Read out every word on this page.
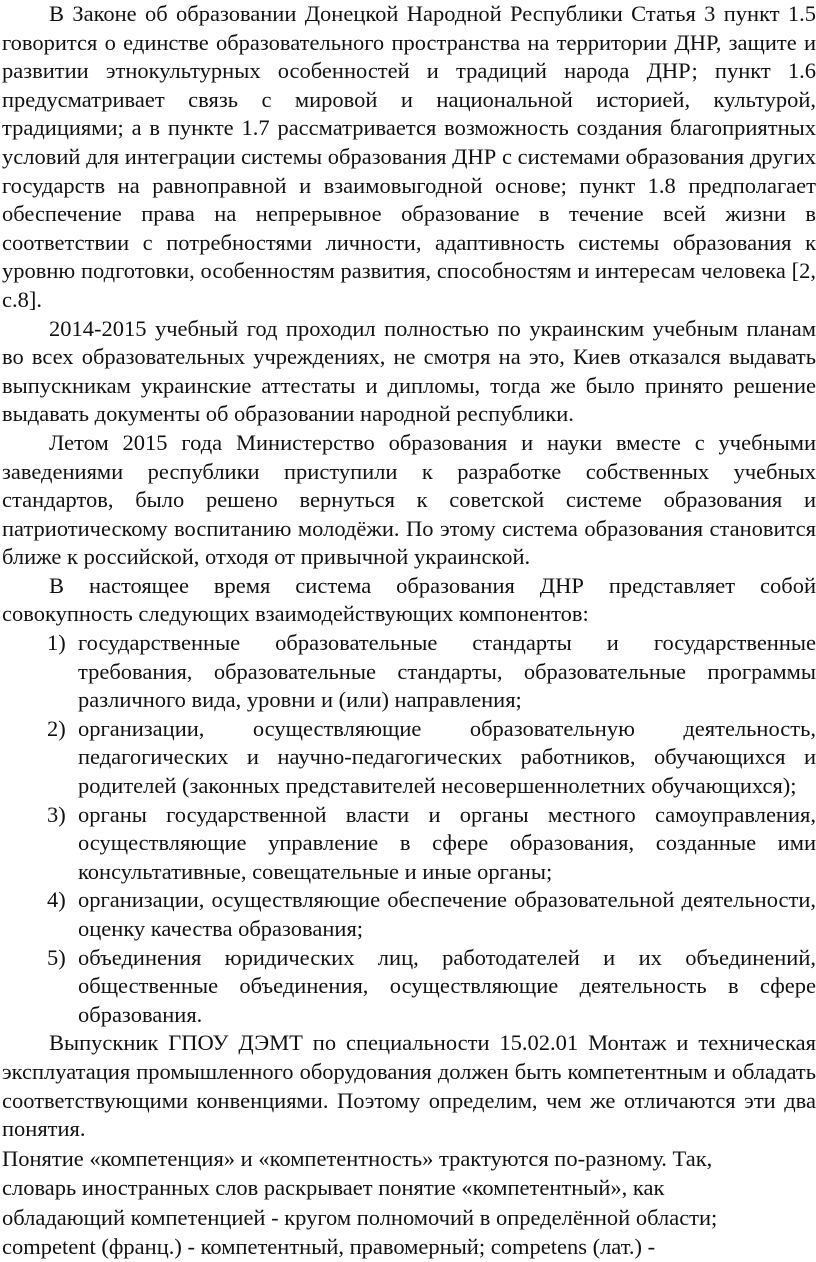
В Законе об образовании Донецкой Народной Республики Статья 3 пункт 1.5 говорится о единстве образовательного пространства на территории ДНР, защите и развитии этнокультурных особенностей и традиций народа ДНР; пункт 1.6 предусматривает связь с мировой и национальной историей, культурой, традициями; а в пункте 1.7 рассматривается возможность создания благоприятных условий для интеграции системы образования ДНР с системами образования других государств на равноправной и взаимовыгодной основе; пункт 1.8 предполагает обеспечение права на непрерывное образование в течение всей жизни в соответствии с потребностями личности, адаптивность системы образования к уровню подготовки, особенностям развития, способностям и интересам человека [2, с.8].

2014-2015 учебный год проходил полностью по украинским учебным планам во всех образовательных учреждениях, не смотря на это, Киев отказался выдавать выпускникам украинские аттестаты и дипломы, тогда же было принято решение выдавать документы об образовании народной республики.

Летом 2015 года Министерство образования и науки вместе с учебными заведениями республики приступили к разработке собственных учебных стандартов, было решено вернуться к советской системе образования и патриотическому воспитанию молодёжи. По этому система образования становится ближе к российской, отходя от привычной украинской.

В настоящее время система образования ДНР представляет собой совокупность следующих взаимодействующих компонентов:

1) государственные образовательные стандарты и государственные требования, образовательные стандарты, образовательные программы различного вида, уровни и (или) направления;
2) организации, осуществляющие образовательную деятельность, педагогических и научно-педагогических работников, обучающихся и родителей (законных представителей несовершеннолетних обучающихся);
3) органы государственной власти и органы местного самоуправления, осуществляющие управление в сфере образования, созданные ими консультативные, совещательные и иные органы;
4) организации, осуществляющие обеспечение образовательной деятельности, оценку качества образования;
5) объединения юридических лиц, работодателей и их объединений, общественные объединения, осуществляющие деятельность в сфере образования.

Выпускник ГПОУ ДЭМТ по специальности 15.02.01 Монтаж и техническая эксплуатация промышленного оборудования должен быть компетентным и обладать соответствующими конвенциями. Поэтому определим, чем же отличаются эти два понятия.

Понятие «компетенция» и «компетентность» трактуются по-разному. Так,
словарь иностранных слов раскрывает понятие «компетентный», как
обладающий компетенцией - кругом полномочий в определённой области;
competent (франц.) - компетентный, правомерный; competens (лат.) -
